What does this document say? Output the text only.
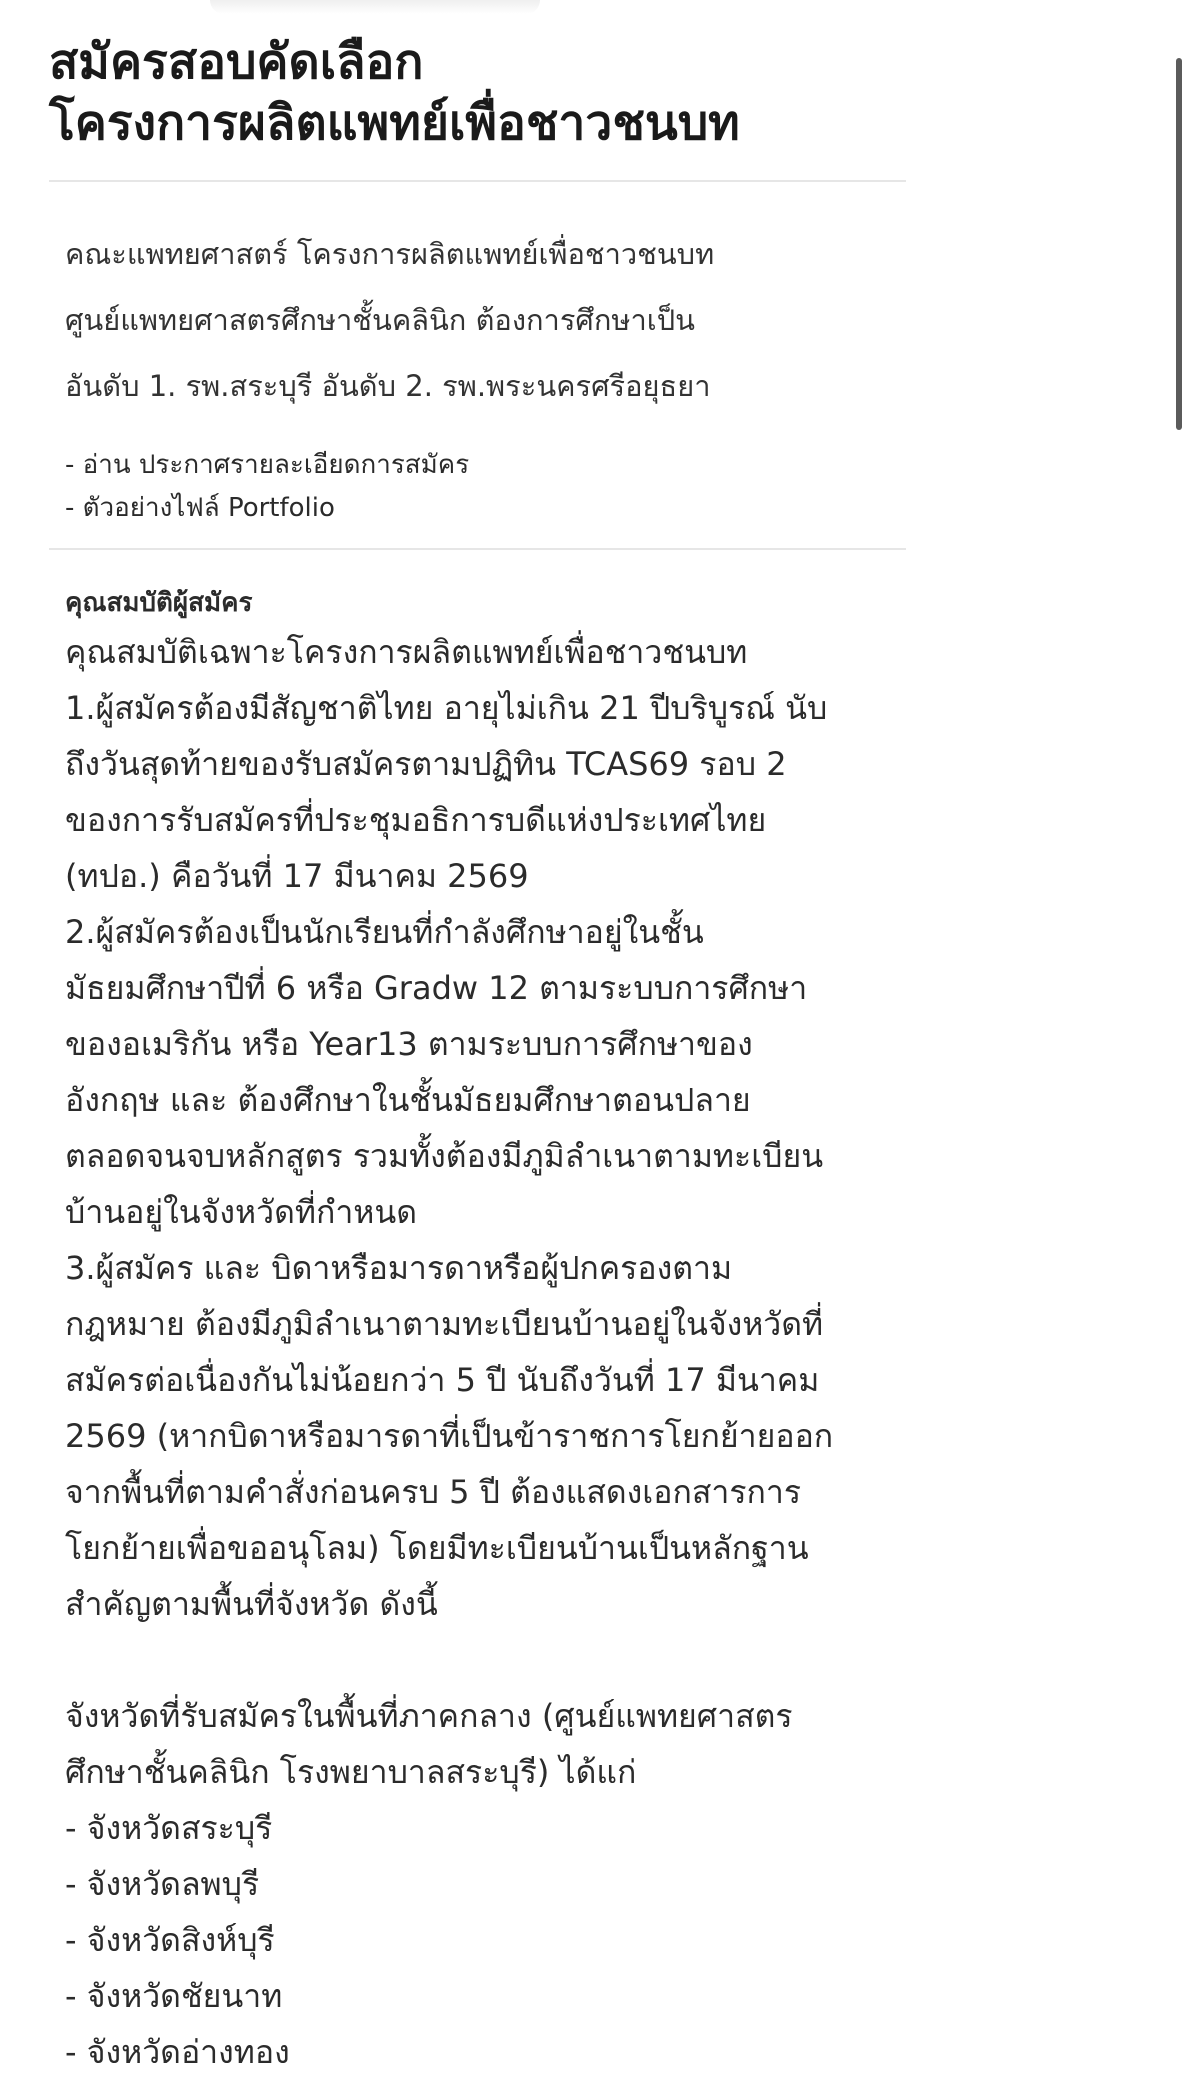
สมัครสอบคัดเลือก
โครงการผลิตแพทย์เพื่อชาวชนบท

คณะแพทยศาสตร์ โครงการผลิตแพทย์เพื่อชาวชนบท

ศูนย์แพทยศาสตรศึกษาชั้นคลินิก ต้องการศึกษาเป็น

อันดับ 1. รพ.สระบุรี อันดับ 2. รพ.พระนครศรีอยุธยา

- อ่าน ประกาศรายละเอียดการสมัคร
- ตัวอย่างไฟล์ Portfolio
คุณสมบัติผู้สมัคร
คุณสมบัติเฉพาะโครงการผลิตแพทย์เพื่อชาวชนบท
1.ผู้สมัครต้องมีสัญชาติไทย อายุไม่เกิน 21 ปีบริบูรณ์ นับ
ถึงวันสุดท้ายของรับสมัครตามปฏิทิน TCAS69 รอบ 2
ของการรับสมัครที่ประชุมอธิการบดีแห่งประเทศไทย
(ทปอ.) คือวันที่ 17 มีนาคม 2569
2.ผู้สมัครต้องเป็นนักเรียนที่กำลังศึกษาอยู่ในชั้น
มัธยมศึกษาปีที่ 6 หรือ Gradw 12 ตามระบบการศึกษา
ของอเมริกัน หรือ Year13 ตามระบบการศึกษาของ
อังกฤษ และ ต้องศึกษาในชั้นมัธยมศึกษาตอนปลาย
ตลอดจนจบหลักสูตร รวมทั้งต้องมีภูมิลำเนาตามทะเบียน
บ้านอยู่ในจังหวัดที่กำหนด
3.ผู้สมัคร และ บิดาหรือมารดาหรือผู้ปกครองตาม
กฎหมาย ต้องมีภูมิลำเนาตามทะเบียนบ้านอยู่ในจังหวัดที่
สมัครต่อเนื่องกันไม่น้อยกว่า 5 ปี นับถึงวันที่ 17 มีนาคม
2569 (หากบิดาหรือมารดาที่เป็นข้าราชการโยกย้ายออก
จากพื้นที่ตามคำสั่งก่อนครบ 5 ปี ต้องแสดงเอกสารการ
โยกย้ายเพื่อขออนุโลม) โดยมีทะเบียนบ้านเป็นหลักฐาน
สำคัญตามพื้นที่จังหวัด ดังนี้
จังหวัดที่รับสมัครในพื้นที่ภาคกลาง (ศูนย์แพทยศาสตร
ศึกษาชั้นคลินิก โรงพยาบาลสระบุรี) ได้แก่
- จังหวัดสระบุรี
- จังหวัดลพบุรี
- จังหวัดสิงห์บุรี
- จังหวัดชัยนาท
- จังหวัดอ่างทอง
